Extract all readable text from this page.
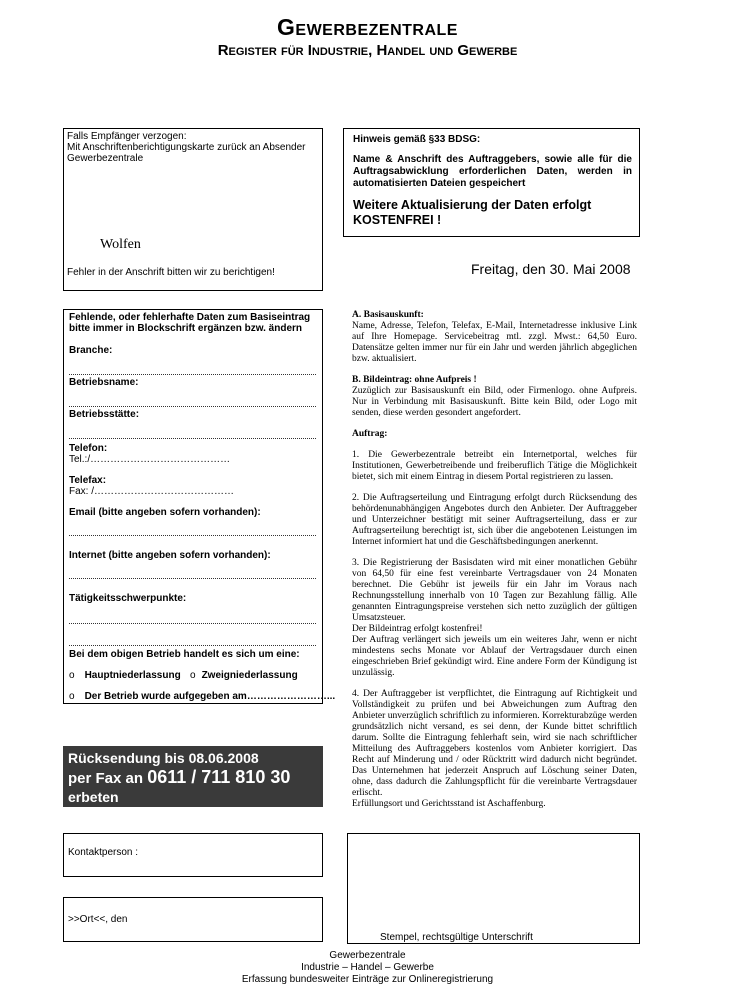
Gewerbezentrale
Register für Industrie, Handel und Gewerbe
Falls Empfänger verzogen:
Mit Anschriftenberichtigungskarte zurück an Absender
Gewerbezentrale
Wolfen
Fehler in der Anschrift bitten wir zu berichtigen!
Hinweis gemäß §33 BDSG:
Name & Anschrift des Auftraggebers, sowie alle für die Auftragsabwicklung erforderlichen Daten, werden in automatisierten Dateien gespeichert
Weitere Aktualisierung der Daten erfolgt
KOSTENFREI !
Freitag, den 30. Mai 2008
Fehlende, oder fehlerhafte Daten zum Basiseintrag
bitte immer in Blockschrift ergänzen bzw. ändern
Branche:
Betriebsname:
Betriebsstätte:
Telefon:
Tel.:/……………………………………
Telefax:
Fax: /……………………………………
Email (bitte angeben sofern vorhanden):
Internet (bitte angeben sofern vorhanden):
Tätigkeitsschwerpunkte:
Bei dem obigen Betrieb handelt es sich um eine:
o Hauptniederlassung o Zweigniederlassung
o Der Betrieb wurde aufgegeben am……………………...
Rücksendung bis 08.06.2008
per Fax an 0611 / 711 810 30
erbeten

A. Basisauskunft:

Name, Adresse, Telefon, Telefax, E-Mail, Internetadresse inklusive Link auf Ihre Homepage. Servicebeitrag mtl. zzgl. Mwst.: 64,50 Euro. Datensätze gelten immer nur für ein Jahr und werden jährlich abgeglichen bzw. aktualisiert.

B. Bildeintrag: ohne Aufpreis !

Zuzüglich zur Basisauskunft ein Bild, oder Firmenlogo. ohne Aufpreis. Nur in Verbindung mit Basisauskunft. Bitte kein Bild, oder Logo mit senden, diese werden gesondert angefordert.

Auftrag:

1. Die Gewerbezentrale betreibt ein Internetportal, welches für Institutionen, Gewerbetreibende und freiberuflich Tätige die Möglichkeit bietet, sich mit einem Eintrag in diesem Portal registrieren zu lassen.

2. Die Auftragserteilung und Eintragung erfolgt durch Rücksendung des behördenunabhängigen Angebotes durch den Anbieter. Der Auftraggeber und Unterzeichner bestätigt mit seiner Auftragserteilung, dass er zur Auftragserteilung berechtigt ist, sich über die angebotenen Leistungen im Internet informiert hat und die Geschäftsbedingungen anerkennt.

3. Die Registrierung der Basisdaten wird mit einer monatlichen Gebühr von 64,50 für eine fest vereinbarte Vertragsdauer von 24 Monaten berechnet. Die Gebühr ist jeweils für ein Jahr im Voraus nach Rechnungsstellung innerhalb von 10 Tagen zur Bezahlung fällig. Alle genannten Eintragungspreise verstehen sich netto zuzüglich der gültigen Umsatzsteuer.

Der Bildeintrag erfolgt kostenfrei!

Der Auftrag verlängert sich jeweils um ein weiteres Jahr, wenn er nicht mindestens sechs Monate vor Ablauf der Vertragsdauer durch einen eingeschrieben Brief gekündigt wird. Eine andere Form der Kündigung ist unzulässig.

4. Der Auftraggeber ist verpflichtet, die Eintragung auf Richtigkeit und Vollständigkeit zu prüfen und bei Abweichungen zum Auftrag den Anbieter unverzüglich schriftlich zu informieren. Korrekturabzüge werden grundsätzlich nicht versand, es sei denn, der Kunde bittet schriftlich darum. Sollte die Eintragung fehlerhaft sein, wird sie nach schriftlicher Mitteilung des Auftraggebers kostenlos vom Anbieter korrigiert. Das Recht auf Minderung und / oder Rücktritt wird dadurch nicht begründet. Das Unternehmen hat jederzeit Anspruch auf Löschung seiner Daten, ohne, dass dadurch die Zahlungspflicht für die vereinbarte Vertragsdauer erlischt.

Erfüllungsort und Gerichtsstand ist Aschaffenburg.

Kontaktperson :
>>Ort<<, den
Stempel, rechtsgültige Unterschrift
Gewerbezentrale
Industrie – Handel – Gewerbe
Erfassung bundesweiter Einträge zur Onlineregistrierung
